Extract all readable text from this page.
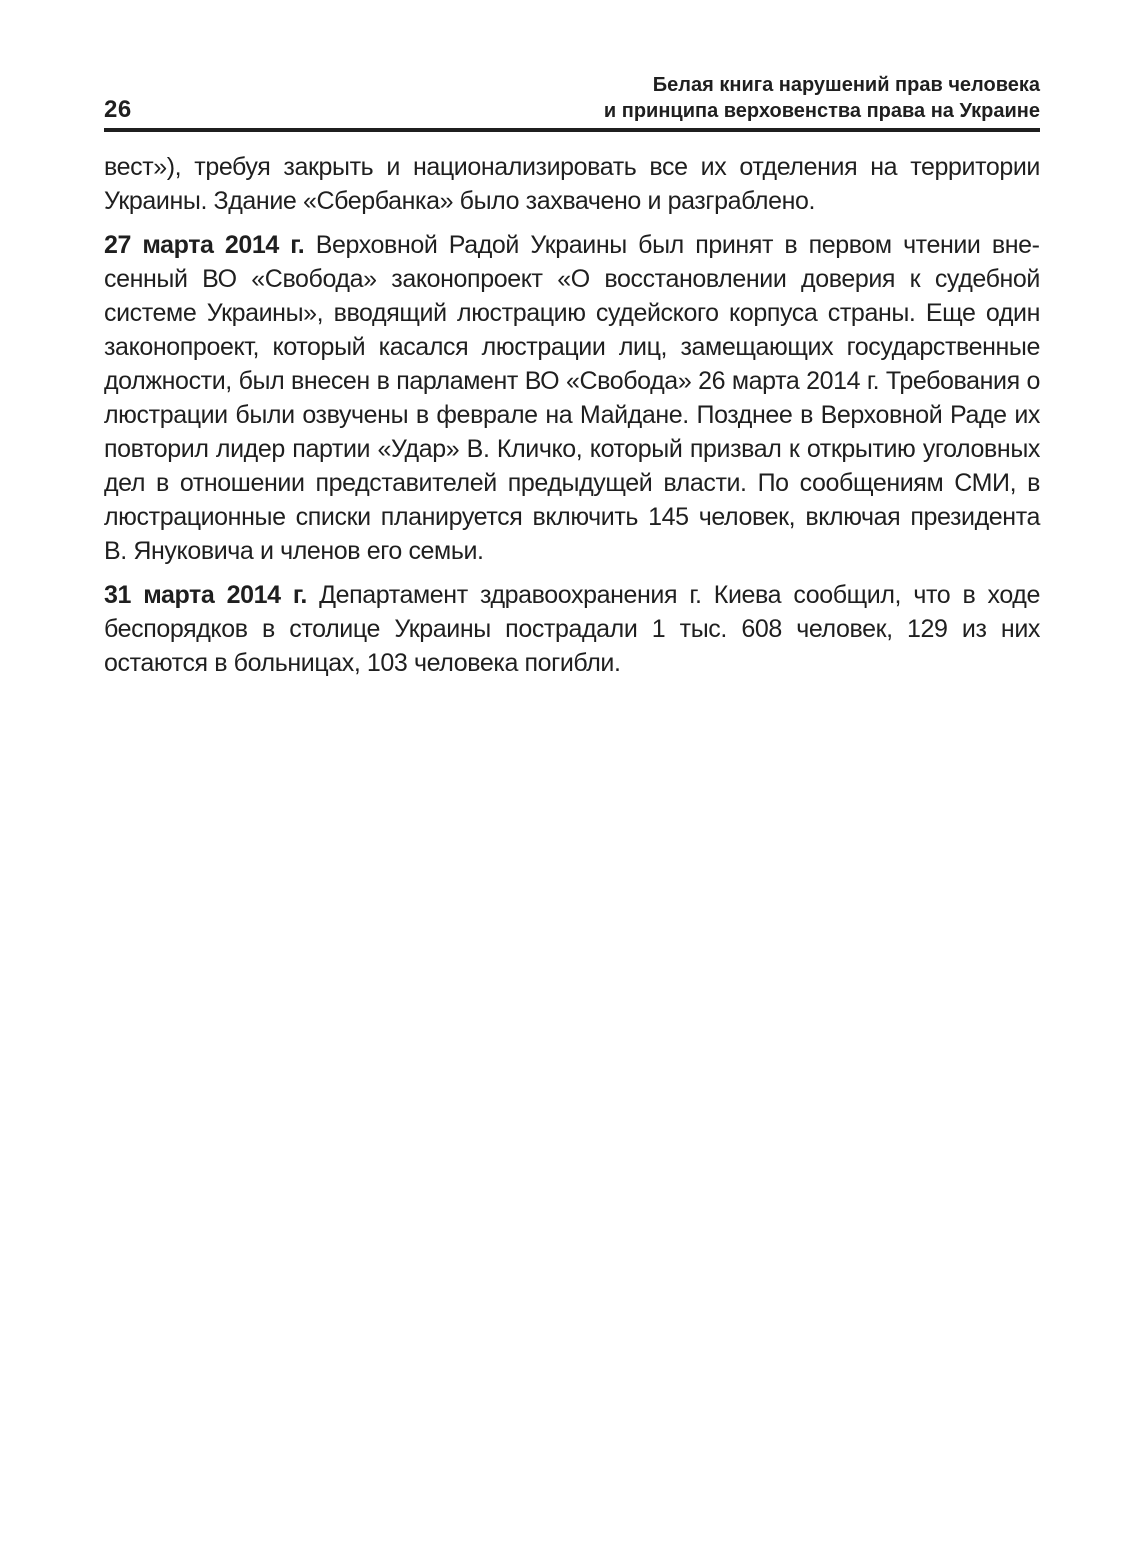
26
Белая книга нарушений прав человека
и принципа верховенства права на Украине

вест»), требуя закрыть и национализировать все их отделения на территории Украины. Здание «Сбербанка» было захвачено и разграблено.

27 марта 2014 г. Верховной Радой Украины был принят в первом чтении внесенный ВО «Свобода» законопроект «О восстановлении доверия к судебной системе Украины», вводящий люстрацию судейского корпуса страны. Еще один законопроект, который касался люстрации лиц, замещающих государственные должности, был внесен в парламент ВО «Свобода» 26 марта 2014 г. Требования о люстрации были озвучены в феврале на Майдане. Позднее в Верховной Раде их повторил лидер партии «Удар» В. Кличко, который призвал к открытию уголовных дел в отношении представителей предыдущей власти. По сообщениям СМИ, в люстрационные списки планируется включить 145 человек, включая президента В. Януковича и членов его семьи.

31 марта 2014 г. Департамент здравоохранения г. Киева сообщил, что в ходе беспорядков в столице Украины пострадали 1 тыс. 608 человек, 129 из них остаются в больницах, 103 человека погибли.
